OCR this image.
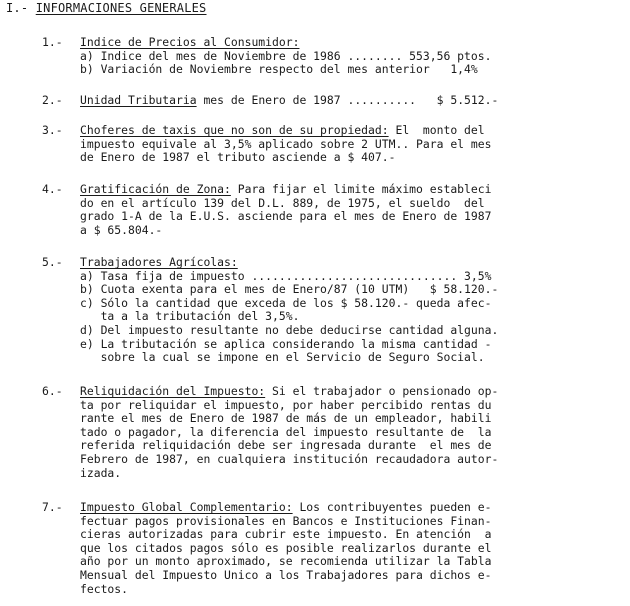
I.- INFORMACIONES GENERALES
1.- Indice de Precios al Consumidor:
a) Indice del mes de Noviembre de 1986 ........ 553,56 ptos.
b) Variación de Noviembre respecto del mes anterior   1,4%
2.- Unidad Tributaria mes de Enero de 1987 ..........   $ 5.512.-
3.- Choferes de taxis que no son de su propiedad: El  monto del
impuesto equivale al 3,5% aplicado sobre 2 UTM.. Para el mes
de Enero de 1987 el tributo asciende a $ 407.-
4.- Gratificación de Zona: Para fijar el limite máximo estableci
do en el artículo 139 del D.L. 889, de 1975, el sueldo  del
grado 1-A de la E.U.S. asciende para el mes de Enero de 1987
a $ 65.804.-
5.- Trabajadores Agrícolas:
a) Tasa fija de impuesto .............................. 3,5%
b) Cuota exenta para el mes de Enero/87 (10 UTM)   $ 58.120.-
c) Sólo la cantidad que exceda de los $ 58.120.- queda afec-
ta a la tributación del 3,5%.
d) Del impuesto resultante no debe deducirse cantidad alguna.
e) La tributación se aplica considerando la misma cantidad -
sobre la cual se impone en el Servicio de Seguro Social.
6.- Reliquidación del Impuesto: Si el trabajador o pensionado op-
ta por reliquidar el impuesto, por haber percibido rentas du
rante el mes de Enero de 1987 de más de un empleador, habili
tado o pagador, la diferencia del impuesto resultante de  la
referida reliquidación debe ser ingresada durante  el mes de
Febrero de 1987, en cualquiera institución recaudadora autor-
izada.
7.- Impuesto Global Complementario: Los contribuyentes pueden e-
fectuar pagos provisionales en Bancos e Instituciones Finan-
cieras autorizadas para cubrir este impuesto. En atención  a
que los citados pagos sólo es posible realizarlos durante el
año por un monto aproximado, se recomienda utilizar la Tabla
Mensual del Impuesto Unico a los Trabajadores para dichos e-
fectos.
